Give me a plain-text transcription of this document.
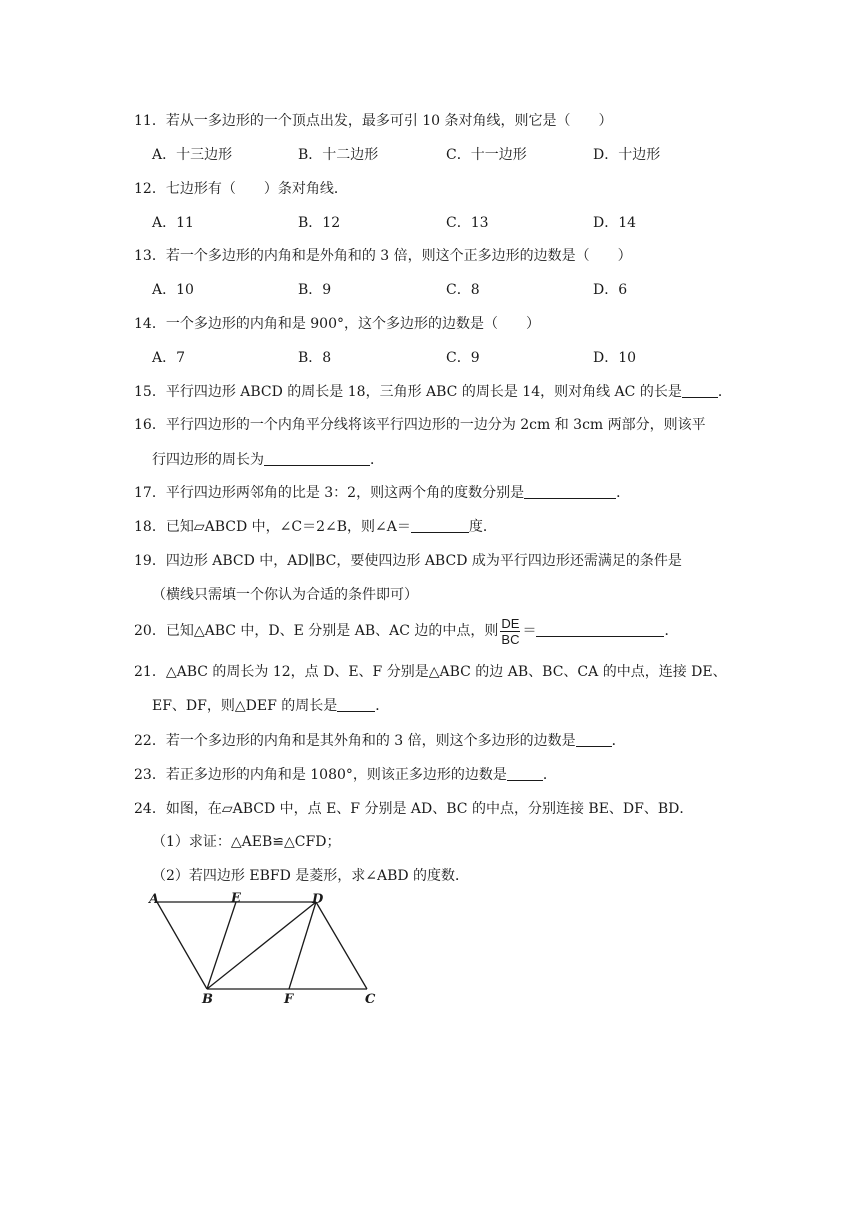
11．若从一多边形的一个顶点出发，最多可引 10 条对角线，则它是（　　）
A．十三边形	B．十二边形	C．十一边形	D．十边形
12．七边形有（　　）条对角线．
A．11	B．12	C．13	D．14
13．若一个多边形的内角和是外角和的 3 倍，则这个正多边形的边数是（　　）
A．10	B．9	C．8	D．6
14．一个多边形的内角和是 900°，这个多边形的边数是（　　）
A．7	B．8	C．9	D．10
15．平行四边形 ABCD 的周长是 18，三角形 ABC 的周长是 14，则对角线 AC 的长是	．
16．平行四边形的一个内角平分线将该平行四边形的一边分为 2cm 和 3cm 两部分，则该平
行四边形的周长为	．
17．平行四边形两邻角的比是 3：2，则这两个角的度数分别是	．
18．已知▱ABCD 中，∠C＝2∠B，则∠A＝	度．
19．四边形 ABCD 中，AD∥BC，要使四边形 ABCD 成为平行四边形还需满足的条件是
（横线只需填一个你认为合适的条件即可）
20．已知△ABC 中，D、E 分别是 AB、AC 边的中点，则 $\frac{DE}{BC}$ ＝	．
21．△ABC 的周长为 12，点 D、E、F 分别是△ABC 的边 AB、BC、CA 的中点，连接 DE、
EF、DF，则△DEF 的周长是	．
22．若一个多边形的内角和是其外角和的 3 倍，则这个多边形的边数是	．
23．若正多边形的内角和是 1080°，则该正多边形的边数是	．
24．如图，在▱ABCD 中，点 E、F 分别是 AD、BC 的中点，分别连接 BE、DF、BD．
（1）求证：△AEB≌△CFD；
（2）若四边形 EBFD 是菱形，求∠ABD 的度数．
A	E	D
B	F	C
